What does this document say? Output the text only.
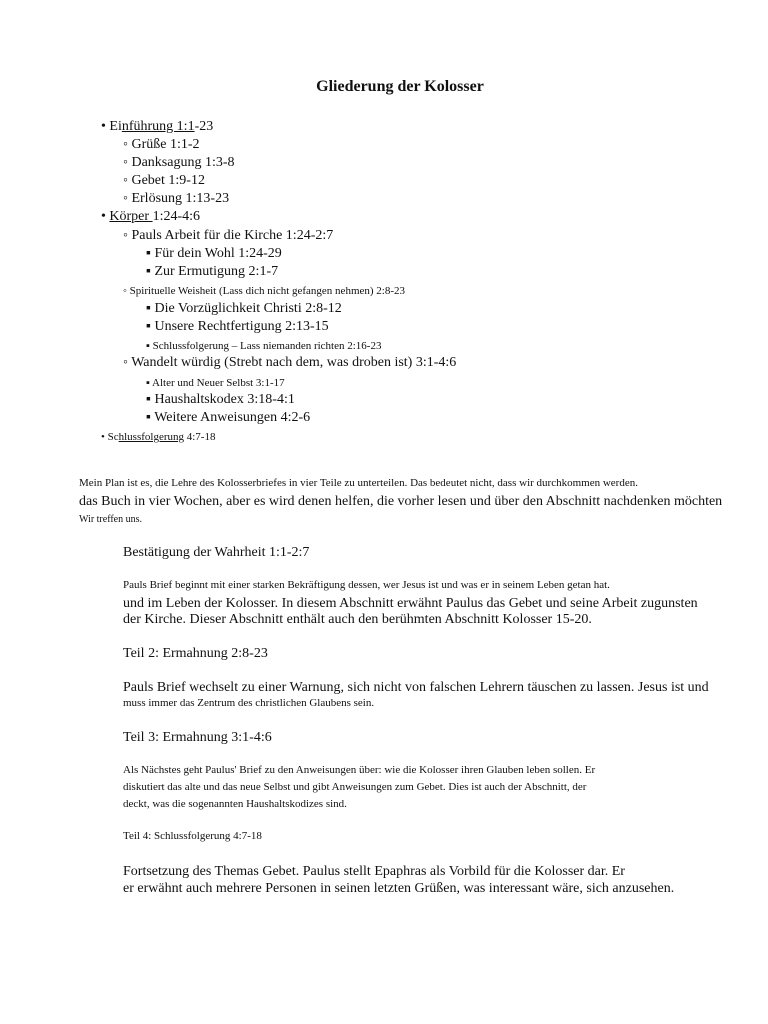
Gliederung der Kolosser
• Einführung 1:1-23
◦ Grüße 1:1-2
◦ Danksagung 1:3-8
◦ Gebet 1:9-12
◦ Erlösung 1:13-23
• Körper 1:24-4:6
◦ Pauls Arbeit für die Kirche 1:24-2:7
▪ Für dein Wohl 1:24-29
▪ Zur Ermutigung 2:1-7
◦ Spirituelle Weisheit (Lass dich nicht gefangen nehmen) 2:8-23
▪ Die Vorzüglichkeit Christi 2:8-12
▪ Unsere Rechtfertigung 2:13-15
▪ Schlussfolgerung – Lass niemanden richten 2:16-23
◦ Wandelt würdig (Strebt nach dem, was droben ist) 3:1-4:6
▪ Alter und Neuer Selbst 3:1-17
▪ Haushaltskodex 3:18-4:1
▪ Weitere Anweisungen 4:2-6
• Schlussfolgerung 4:7-18
Mein Plan ist es, die Lehre des Kolosserbriefes in vier Teile zu unterteilen. Das bedeutet nicht, dass wir durchkommen werden.
das Buch in vier Wochen, aber es wird denen helfen, die vorher lesen und über den Abschnitt nachdenken möchten
Wir treffen uns.
Bestätigung der Wahrheit 1:1-2:7
Pauls Brief beginnt mit einer starken Bekräftigung dessen, wer Jesus ist und was er in seinem Leben getan hat.
und im Leben der Kolosser. In diesem Abschnitt erwähnt Paulus das Gebet und seine Arbeit zugunsten
der Kirche. Dieser Abschnitt enthält auch den berühmten Abschnitt Kolosser 15-20.
Teil 2: Ermahnung 2:8-23
Pauls Brief wechselt zu einer Warnung, sich nicht von falschen Lehrern täuschen zu lassen. Jesus ist und
muss immer das Zentrum des christlichen Glaubens sein.
Teil 3: Ermahnung 3:1-4:6
Als Nächstes geht Paulus' Brief zu den Anweisungen über: wie die Kolosser ihren Glauben leben sollen. Er
diskutiert das alte und das neue Selbst und gibt Anweisungen zum Gebet. Dies ist auch der Abschnitt, der
deckt, was die sogenannten Haushaltskodizes sind.
Teil 4: Schlussfolgerung 4:7-18
Fortsetzung des Themas Gebet. Paulus stellt Epaphras als Vorbild für die Kolosser dar. Er
er erwähnt auch mehrere Personen in seinen letzten Grüßen, was interessant wäre, sich anzusehen.
